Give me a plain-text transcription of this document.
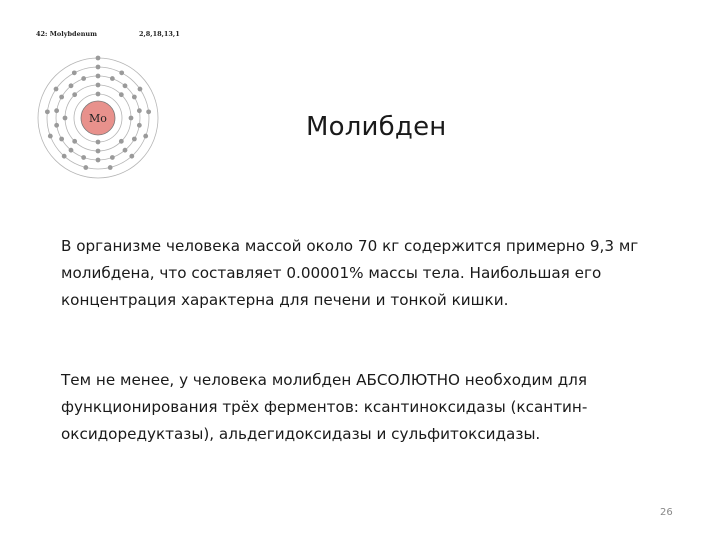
42: Molybdenum	2,8,18,13,1
Mo	Молибден

В организме человека массой около 70 кг содержится примерно 9,3 мг молибдена, что составляет 0.00001% массы тела. Наибольшая его концентрация характерна для печени и тонкой кишки.

Тем не менее, у человека молибден АБСОЛЮТНО необходим для функционирования трёх ферментов: ксантиноксидазы (ксантин-оксидоредуктазы), альдегидоксидазы и сульфитоксидазы.

26
